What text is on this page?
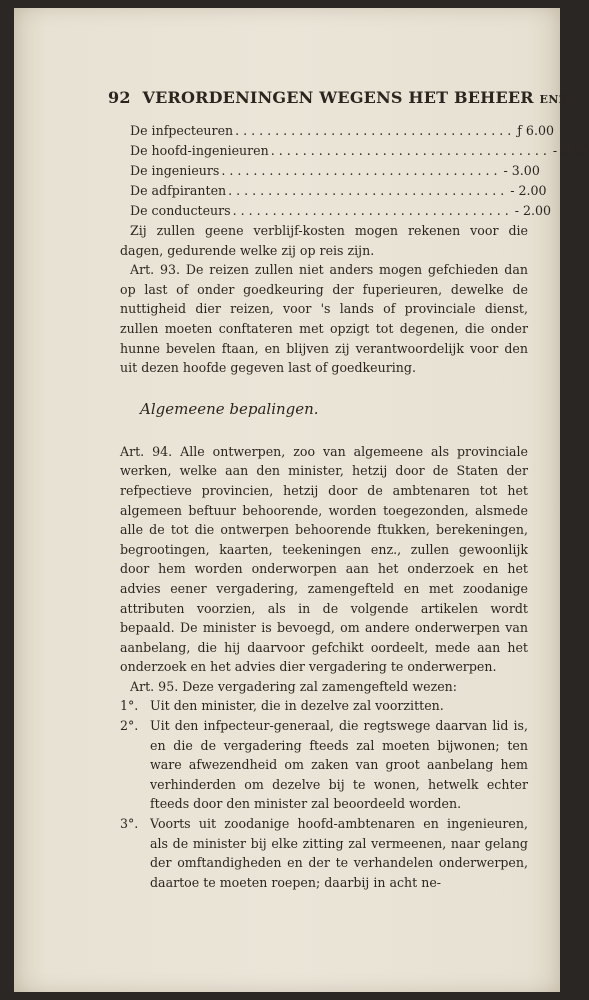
92 VERORDENINGEN WEGENS HET BEHEER ENZ.
De infpecteuren ................................... ƒ 6.00
De hoofd-ingenieuren ................................... - 5 00
De ingenieurs ................................... - 3.00
De adfpiranten ................................... - 2.00
De conducteurs ................................... - 2.00

Zij zullen geene verblijf-kosten mogen rekenen voor die dagen, gedurende welke zij op reis zijn.

Art. 93. De reizen zullen niet anders mogen gefchieden dan op last of onder goedkeuring der fuperieuren, dewelke de nuttigheid dier reizen, voor 's lands of provinciale dienst, zullen moeten conftateren met opzigt tot degenen, die onder hunne bevelen ftaan, en blijven zij verantwoordelijk voor den uit dezen hoofde gegeven last of goedkeuring.

Algemeene bepalingen.

Art. 94. Alle ontwerpen, zoo van algemeene als provinciale werken, welke aan den minister, hetzij door de Staten der refpectieve provincien, hetzij door de ambtenaren tot het algemeen beftuur behoorende, worden toegezonden, alsmede alle de tot die ontwerpen behoorende ftukken, berekeningen, begrootingen, kaarten, teekeningen enz., zullen gewoonlijk door hem worden onderworpen aan het onderzoek en het advies eener vergadering, zamengefteld en met zoodanige attributen voorzien, als in de volgende artikelen wordt bepaald. De minister is bevoegd, om andere onderwerpen van aanbelang, die hij daarvoor gefchikt oordeelt, mede aan het onderzoek en het advies dier vergadering te onderwerpen.

Art. 95. Deze vergadering zal zamengefteld wezen:

1°. Uit den minister, die in dezelve zal voorzitten.
2°. Uit den infpecteur-generaal, die regtswege daarvan lid is, en die de vergadering fteeds zal moeten bijwonen; ten ware afwezendheid om zaken van groot aanbelang hem verhinderden om dezelve bij te wonen, hetwelk echter fteeds door den minister zal beoordeeld worden.
3°. Voorts uit zoodanige hoofd-ambtenaren en ingenieuren, als de minister bij elke zitting zal vermeenen, naar gelang der omftandigheden en der te verhandelen onderwerpen, daartoe te moeten roepen; daarbij in acht ne-
